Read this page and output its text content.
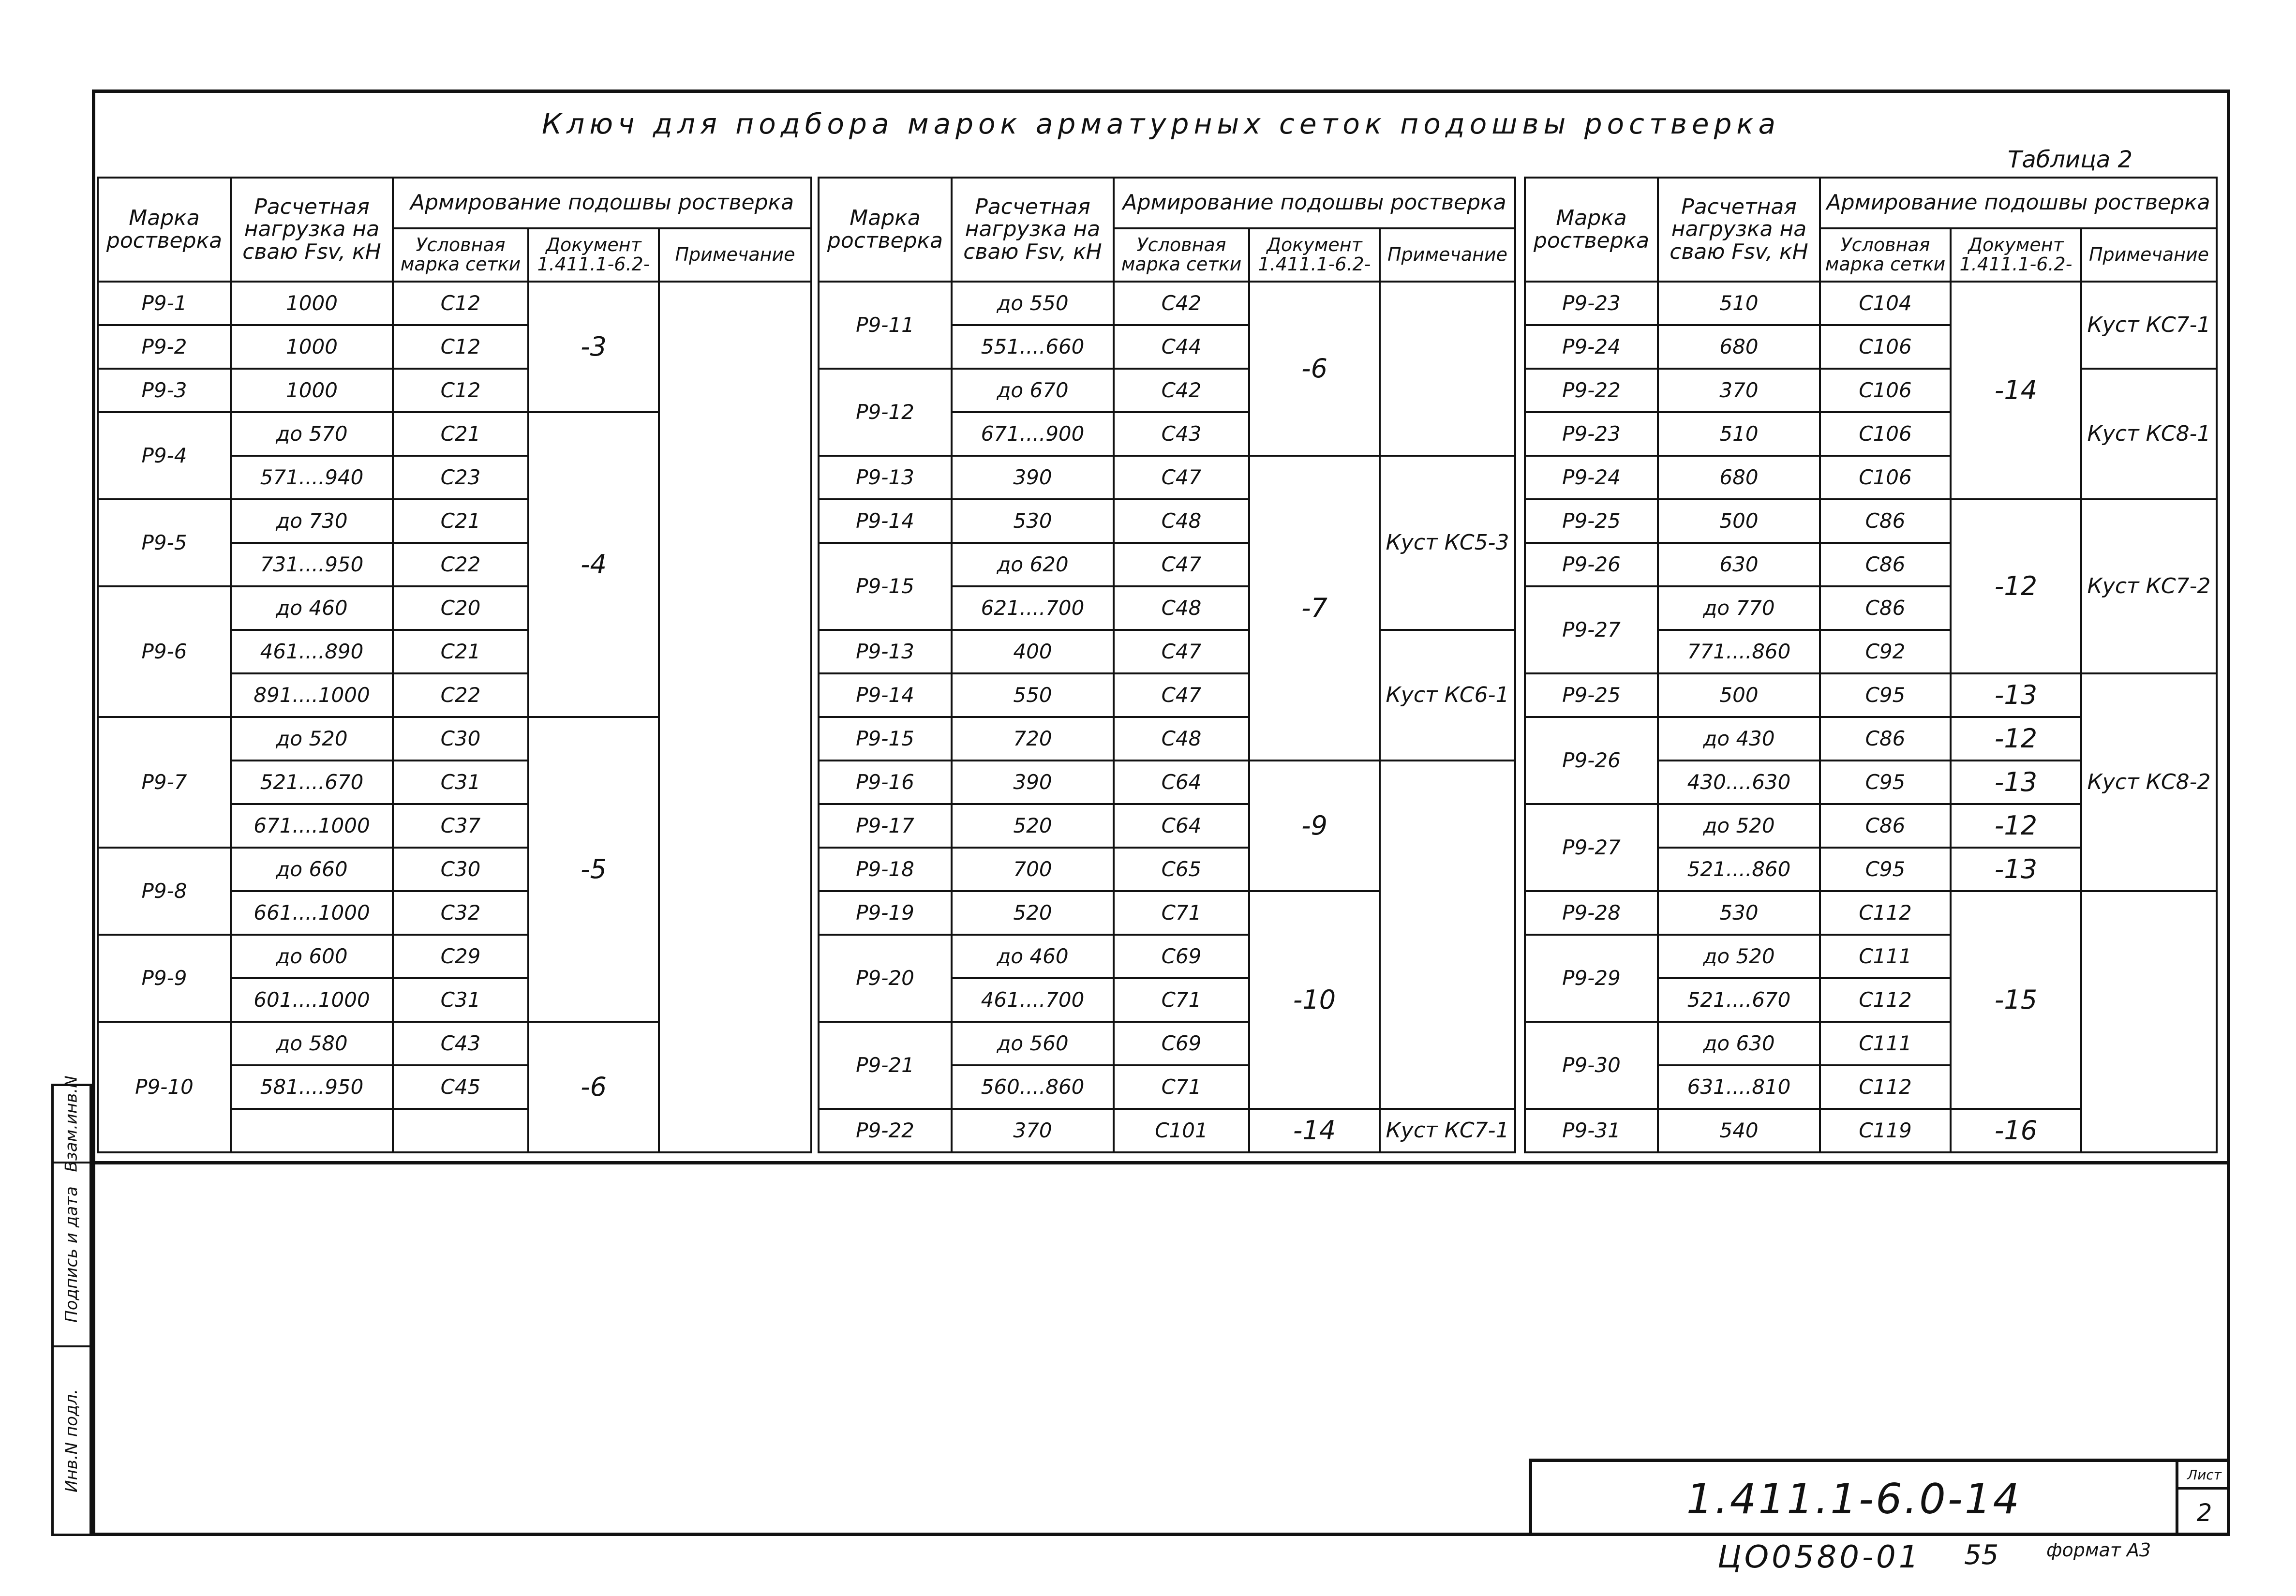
Ключ для подбора марок арматурных сеток подошвы ростверка
Таблица 2
Марка ростверка	Расчетная нагрузка на сваю Fsv, кН	Армирование подошвы ростверка		
		Условная марка сетки	Документ 1.411.1-6.2-	Примечание
Р9-1	1000	С12	-3	
Р9-2	1000	С12		
Р9-3	1000	С12		
Р9-4	до 570	С21	-4	
	571....940	С23		
Р9-5	до 730	С21		
	731....950	С22		
Р9-6	до 460	С20		
	461....890	С21		
	891....1000	С22		
Р9-7	до 520	С30	-5	
	521....670	С31		
	671....1000	С37		
Р9-8	до 660	С30		
	661....1000	С32		
Р9-9	до 600	С29		
	601....1000	С31		
Р9-10	до 580	С43	-6	
	581....950	С45		

Марка ростверка	Расчетная нагрузка на сваю Fsv, кН	Армирование подошвы ростверка		
		Условная марка сетки	Документ 1.411.1-6.2-	Примечание
Р9-11	до 550	С42	-6	
	551....660	С44		
Р9-12	до 670	С42		
	671....900	С43		
Р9-13	390	С47	-7	Куст КС5-3
Р9-14	530	С48		
Р9-15	до 620	С47		
	621....700	С48		
Р9-13	400	С47		Куст КС6-1
Р9-14	550	С47		
Р9-15	720	С48		
Р9-16	390	С64	-9	
Р9-17	520	С64		
Р9-18	700	С65		
Р9-19	520	С71	-10	
Р9-20	до 460	С69		
	461....700	С71		
Р9-21	до 560	С69		
	560....860	С71		
Р9-22	370	С101	-14	Куст КС7-1
Марка ростверка	Расчетная нагрузка на сваю Fsv, кН	Армирование подошвы ростверка		
		Условная марка сетки	Документ 1.411.1-6.2-	Примечание
Р9-23	510	С104	-14	Куст КС7-1
Р9-24	680	С106		
Р9-22	370	С106		Куст КС8-1
Р9-23	510	С106		
Р9-24	680	С106		
Р9-25	500	С86	-12	Куст КС7-2
Р9-26	630	С86		
Р9-27	до 770	С86		
	771....860	С92		
Р9-25	500	С95	-13	Куст КС8-2
Р9-26	до 430	С86	-12	
	430....630	С95	-13	
Р9-27	до 520	С86	-12	
	521....860	С95	-13	
Р9-28	530	С112	-15	
Р9-29	до 520	С111		
	521....670	С112		
Р9-30	до 630	С111		
	631....810	С112		
Р9-31	540	С119	-16	
Взам.инв.N
Подпись и дата
Инв.N подл.
1.411.1-6.0-14
Лист
2
ЦО0580-01 55	формат А3
